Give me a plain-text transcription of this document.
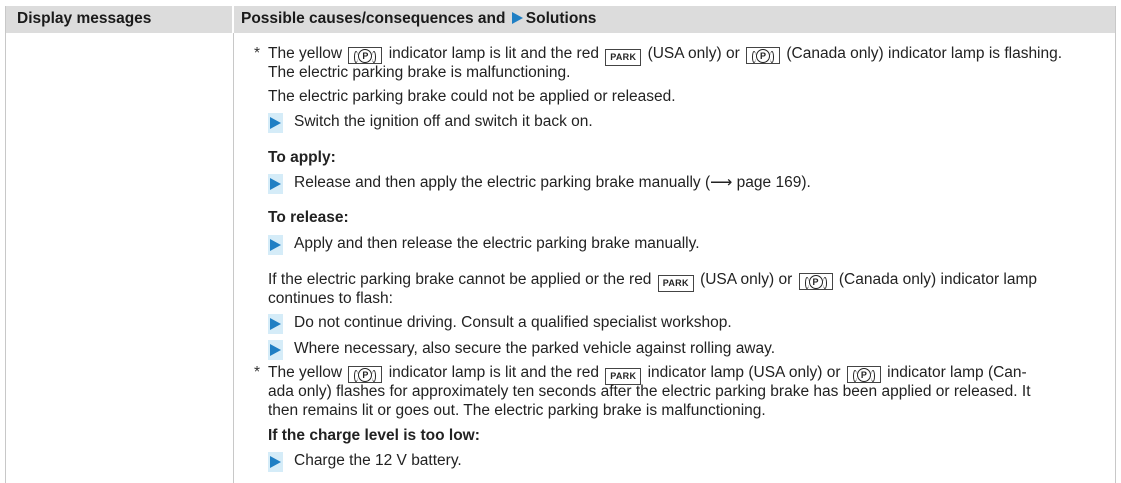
Display messages	Possible causes/consequences and Solutions
* The yellow P indicator lamp is lit and the red PARK (USA only) or P (Canada only) indicator lamp is flashing.
The electric parking brake is malfunctioning.
The electric parking brake could not be applied or released.
Switch the ignition off and switch it back on.
To apply:
Release and then apply the electric parking brake manually (⟶ page 169).
To release:
Apply and then release the electric parking brake manually.
If the electric parking brake cannot be applied or the red PARK (USA only) or P (Canada only) indicator lamp
continues to flash:
Do not continue driving. Consult a qualified specialist workshop.
Where necessary, also secure the parked vehicle against rolling away.
* The yellow P indicator lamp is lit and the red PARK indicator lamp (USA only) or P indicator lamp (Can-
ada only) flashes for approximately ten seconds after the electric parking brake has been applied or released. It
then remains lit or goes out. The electric parking brake is malfunctioning.
If the charge level is too low:
Charge the 12 V battery.
